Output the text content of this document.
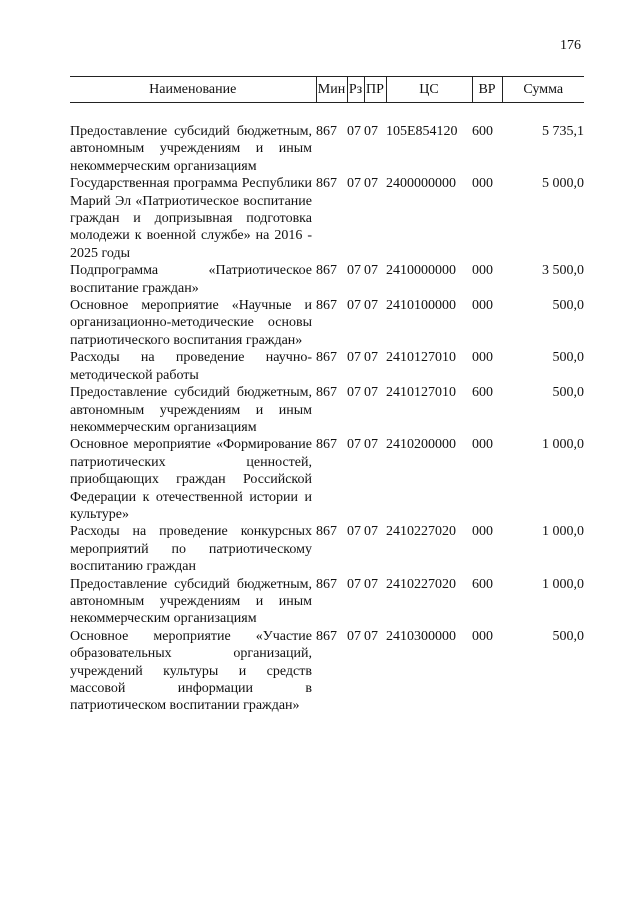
176
Наименование	Мин	Рз	ПР	ЦС	ВР	Сумма

Предоставление субсидий бюджетным, автономным учреждениям и иным некоммерческим организациям	867	07	07	105E854120	600	5 735,1
Государственная программа Республики Марий Эл «Патриотическое воспитание граждан и допризывная подготовка молодежи к военной службе» на 2016 - 2025 годы	867	07	07	2400000000	000	5 000,0
Подпрограмма «Патриотическое воспитание граждан»	867	07	07	2410000000	000	3 500,0
Основное мероприятие «Научные и организационно-методические основы патриотического воспитания граждан»	867	07	07	2410100000	000	500,0
Расходы на проведение научно-методической работы	867	07	07	2410127010	000	500,0
Предоставление субсидий бюджетным, автономным учреждениям и иным некоммерческим организациям	867	07	07	2410127010	600	500,0
Основное мероприятие «Формирование патриотических ценностей, приобщающих граждан Российской Федерации к отечественной истории и культуре»	867	07	07	2410200000	000	1 000,0
Расходы на проведение конкурсных мероприятий по патриотическому воспитанию граждан	867	07	07	2410227020	000	1 000,0
Предоставление субсидий бюджетным, автономным учреждениям и иным некоммерческим организациям	867	07	07	2410227020	600	1 000,0
Основное мероприятие «Участие образовательных организаций, учреждений культуры и средств массовой информации в патриотическом воспитании граждан»	867	07	07	2410300000	000	500,0
